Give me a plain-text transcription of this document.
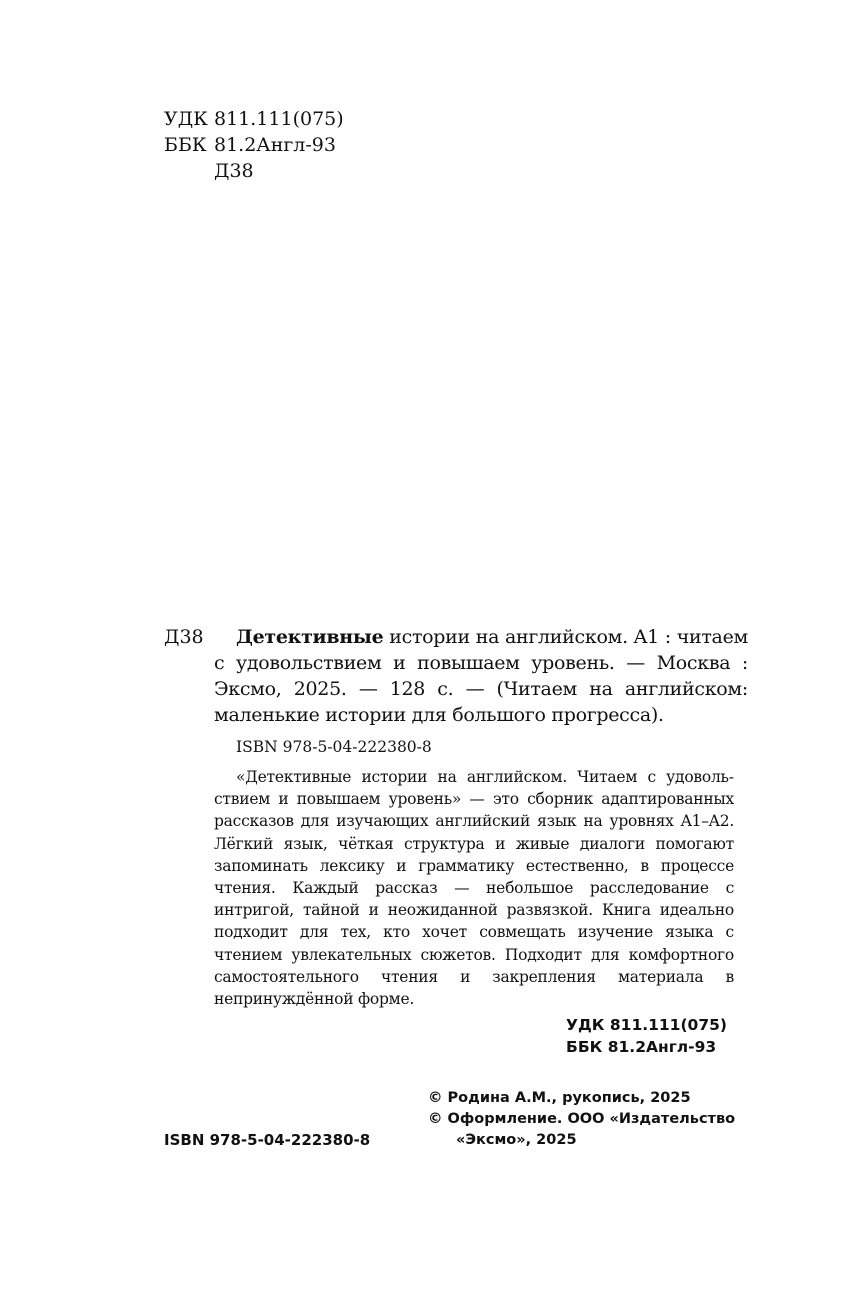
УДК 811.111(075)
ББК 81.2Англ-93
Д38
Д38	Детективные истории на английском. A1 : читаем с удовольствием и повышаем уровень. — Москва : Эксмо, 2025. — 128 с. — (Читаем на английском: маленькие истории для большого прогресса).
ISBN 978-5-04-222380-8
«Детективные истории на английском. Читаем с удовольствием и повышаем уровень» — это сборник адаптированных рассказов для изучающих английский язык на уровнях A1–A2. Лёгкий язык, чёткая структура и живые диалоги помогают запоминать лексику и грамматику естественно, в процессе чтения. Каждый рассказ — небольшое расследование с интригой, тайной и неожиданной развязкой. Книга идеально подходит для тех, кто хочет совмещать изучение языка с чтением увлекательных сюжетов. Подходит для комфортного самостоятельного чтения и закрепления материала в непринуждённой форме.
УДК 811.111(075)
ББК 81.2Англ-93
© Родина А.М., рукопись, 2025
© Оформление. ООО «Издательство
«Эксмо», 2025
ISBN 978-5-04-222380-8
